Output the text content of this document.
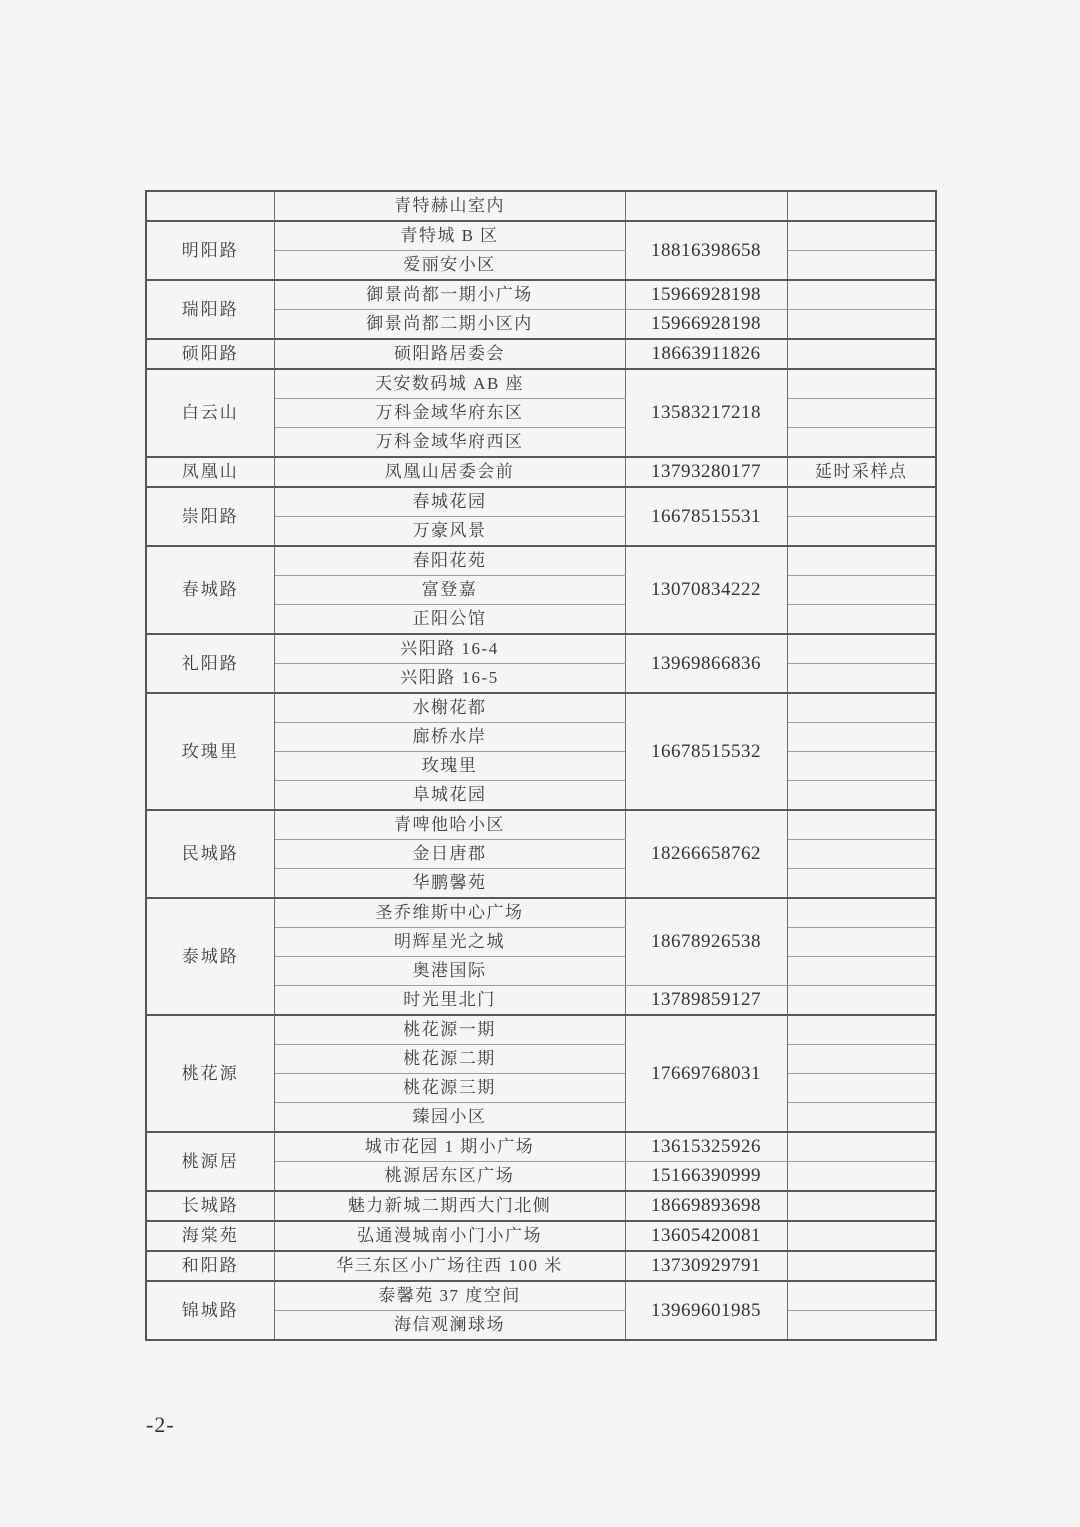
	青特赫山室内		
明阳路	青特城 B 区	18816398658	
	爱丽安小区		
瑞阳路	御景尚都一期小广场	15966928198	
	御景尚都二期小区内	15966928198	
硕阳路	硕阳路居委会	18663911826	
白云山	天安数码城 AB 座	13583217218	
	万科金域华府东区		
	万科金域华府西区		
凤凰山	凤凰山居委会前	13793280177	延时采样点
崇阳路	春城花园	16678515531	
	万豪风景		
春城路	春阳花苑	13070834222	
	富登嘉		
	正阳公馆		
礼阳路	兴阳路 16-4	13969866836	
	兴阳路 16-5		
玫瑰里	水榭花都	16678515532	
	廊桥水岸		
	玫瑰里		
	阜城花园		
民城路	青啤他哈小区	18266658762	
	金日唐郡		
	华鹏馨苑		
泰城路	圣乔维斯中心广场	18678926538	
	明辉星光之城		
	奥港国际		
	时光里北门	13789859127	
桃花源	桃花源一期	17669768031	
	桃花源二期		
	桃花源三期		
	臻园小区		
桃源居	城市花园 1 期小广场	13615325926	
	桃源居东区广场	15166390999	
长城路	魅力新城二期西大门北侧	18669893698	
海棠苑	弘通漫城南小门小广场	13605420081	
和阳路	华三东区小广场往西 100 米	13730929791	
锦城路	泰馨苑 37 度空间	13969601985	
	海信观澜球场		
-2-
